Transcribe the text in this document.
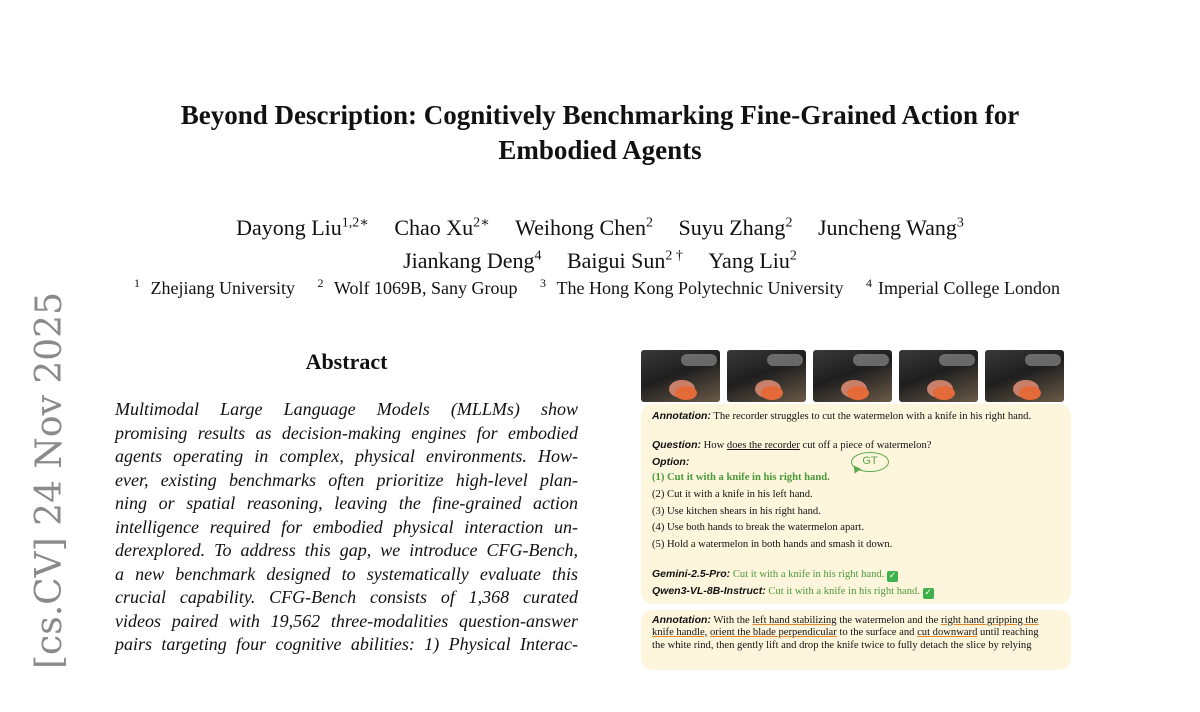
Beyond Description: Cognitively Benchmarking Fine-Grained Action for
Embodied Agents
Dayong Liu$^{1,2∗}$ Chao $Xu^{2∗}$ Weihong Chen$^2$ Suyu Zhang$^2$ Juncheng Wang$^3$
Jiankang Deng$^4$ Baigui Sun$^{2 \dagger}$ Yang Liu$^2$
$^1$ Zhejiang University $^2$ Wolf 1069B, Sany Group $^3$ The Hong Kong Polytechnic University $^4$ Imperial College London
[cs.CV] 24 Nov 2025	Abstract
Multimodal Large Language Models (MLLMs) show
promising results as decision-making engines for embodied
agents operating in complex, physical environments. How-
ever, existing benchmarks often prioritize high-level plan-
ning or spatial reasoning, leaving the fine-grained action
intelligence required for embodied physical interaction un-
derexplored. To address this gap, we introduce CFG-Bench,
a new benchmark designed to systematically evaluate this
crucial capability. CFG-Bench consists of 1,368 curated
videos paired with 19,562 three-modalities question-answer
pairs targeting four cognitive abilities: 1) Physical Interac-
Annotation: The recorder struggles to cut the watermelon with a knife in his right hand.
Question: How does the recorder cut off a piece of watermelon?
Option:
(1) Cut it with a knife in his right hand.
(2) Cut it with a knife in his left hand.
(3) Use kitchen shears in his right hand.
(4) Use both hands to break the watermelon apart.
(5) Hold a watermelon in both hands and smash it down.
Gemini-2.5-Pro: Cut it with a knife in his right hand. ✓
Qwen3-VL-8B-Instruct: Cut it with a knife in his right hand. ✓
GT
Annotation: With the left hand stabilizing the watermelon and the right hand gripping the
knife handle, orient the blade perpendicular to the surface and cut downward until reaching
the white rind, then gently lift and drop the knife twice to fully detach the slice by relying
